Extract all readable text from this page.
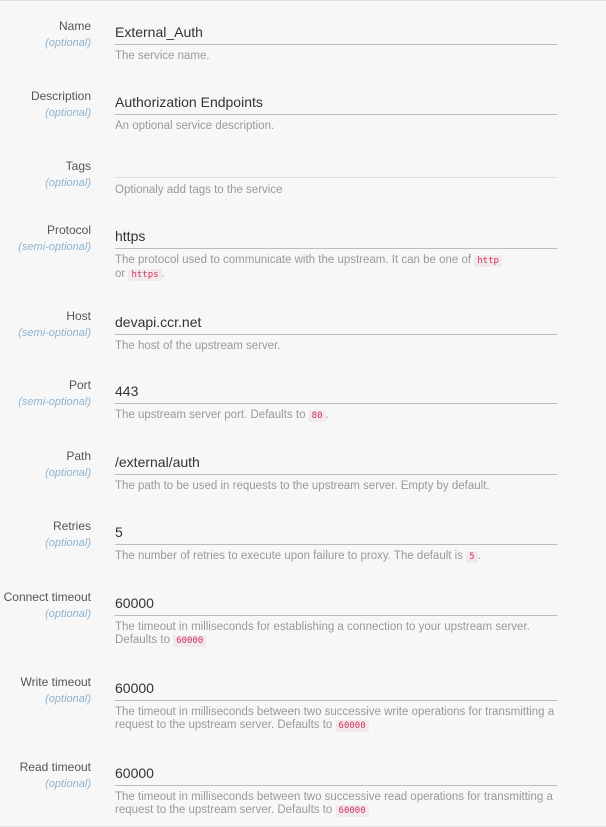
Name
(optional)
External_Auth
The service name.
Description
(optional)
Authorization Endpoints
An optional service description.
Tags
(optional)
Optionaly add tags to the service
Protocol
(semi-optional)
https
The protocol used to communicate with the upstream. It can be one of http
or https .
Host
(semi-optional)
devapi.ccr.net
The host of the upstream server.
Port
(semi-optional)
443
The upstream server port. Defaults to 80 .
Path
(optional)
/external/auth
The path to be used in requests to the upstream server. Empty by default.
Retries
(optional)
5
The number of retries to execute upon failure to proxy. The default is 5 .
Connect timeout
(optional)
60000
The timeout in milliseconds for establishing a connection to your upstream server. Defaults to 60000
Write timeout
(optional)
60000
The timeout in milliseconds between two successive write operations for transmitting a request to the upstream server. Defaults to 60000
Read timeout
(optional)
60000
The timeout in milliseconds between two successive read operations for transmitting a request to the upstream server. Defaults to 60000
